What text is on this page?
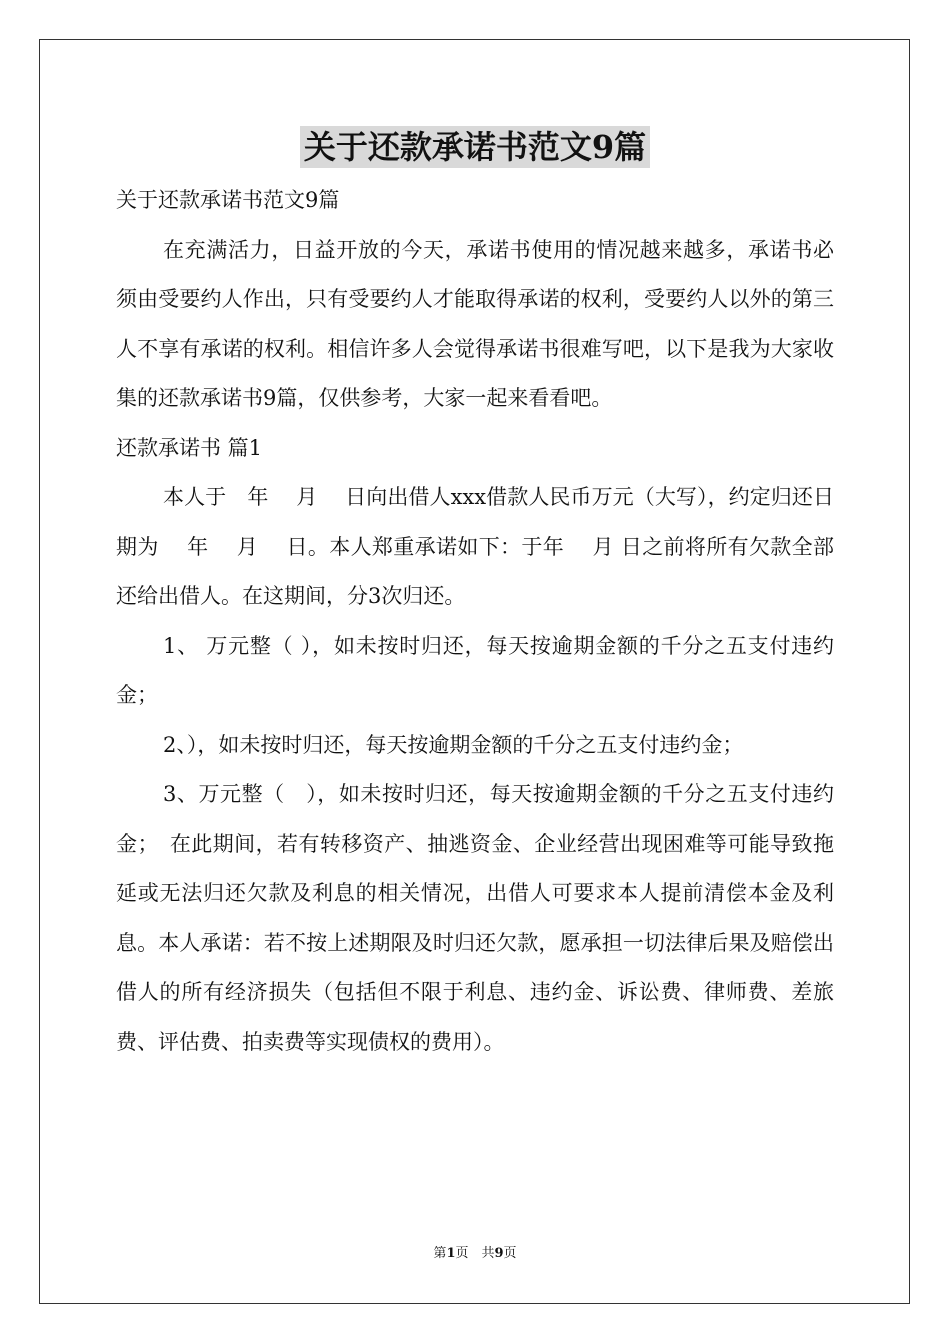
关于还款承诺书范文9篇

关于还款承诺书范文9篇

在充满活力，日益开放的今天，承诺书使用的情况越来越多，承诺书必须由受要约人作出，只有受要约人才能取得承诺的权利，受要约人以外的第三人不享有承诺的权利。相信许多人会觉得承诺书很难写吧，以下是我为大家收集的还款承诺书9篇，仅供参考，大家一起来看看吧。

还款承诺书 篇1

本人于　年　 月　 日向出借人xxx借款人民币万元（大写），约定归还日期为　 年　 月　 日。本人郑重承诺如下：于年　 月 日之前将所有欠款全部还给出借人。在这期间，分3次归还。

1、 万元整（ ），如未按时归还，每天按逾期金额的千分之五支付违约金；

2、），如未按时归还，每天按逾期金额的千分之五支付违约金；

3、万元整（　），如未按时归还，每天按逾期金额的千分之五支付违约金；　在此期间，若有转移资产、抽逃资金、企业经营出现困难等可能导致拖延或无法归还欠款及利息的相关情况，出借人可要求本人提前清偿本金及利息。本人承诺：若不按上述期限及时归还欠款，愿承担一切法律后果及赔偿出借人的所有经济损失（包括但不限于利息、违约金、诉讼费、律师费、差旅费、评估费、拍卖费等实现债权的费用）。

第1页　共9页
